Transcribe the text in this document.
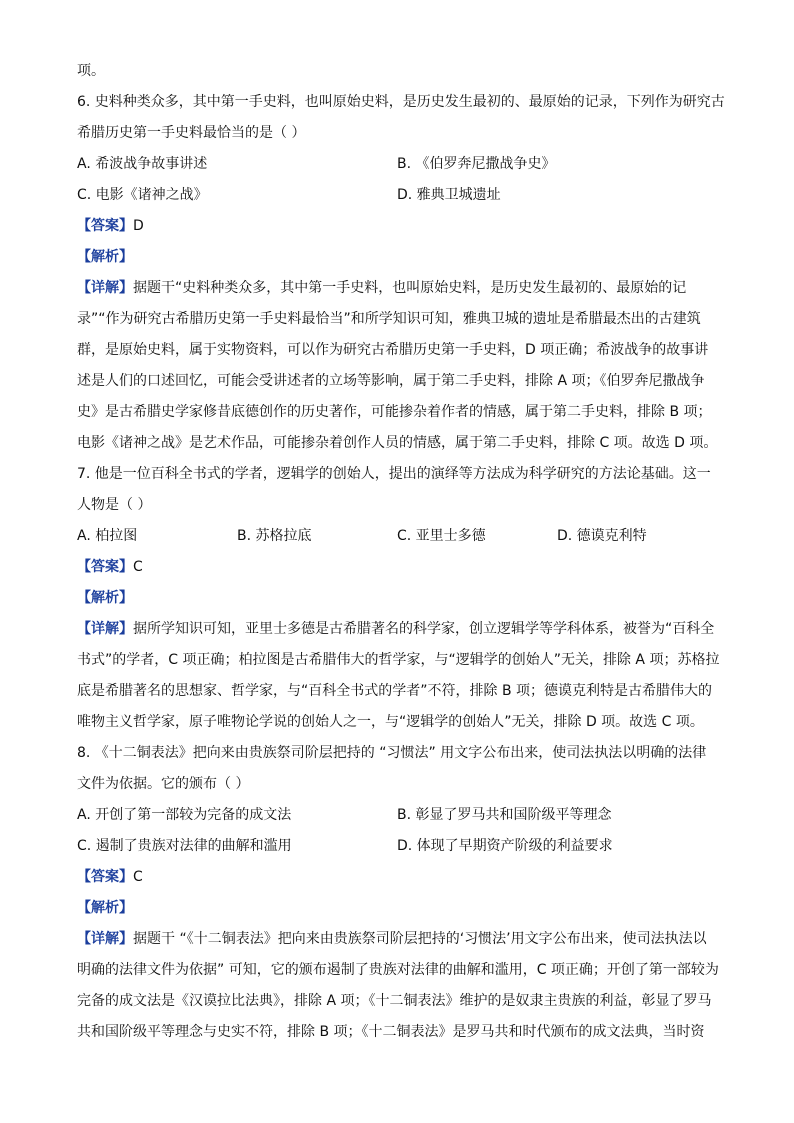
项。
6. 史料种类众多，其中第一手史料，也叫原始史料，是历史发生最初的、最原始的记录，下列作为研究古
希腊历史第一手史料最恰当的是（ ）
A. 希波战争故事讲述	B. 《伯罗奔尼撒战争史》
C. 电影《诸神之战》	D. 雅典卫城遗址
【答案】D
【解析】
【详解】据题干“史料种类众多，其中第一手史料，也叫原始史料，是历史发生最初的、最原始的记
录”“作为研究古希腊历史第一手史料最恰当”和所学知识可知，雅典卫城的遗址是希腊最杰出的古建筑
群，是原始史料，属于实物资料，可以作为研究古希腊历史第一手史料，D 项正确；希波战争的故事讲
述是人们的口述回忆，可能会受讲述者的立场等影响，属于第二手史料，排除 A 项；《伯罗奔尼撒战争
史》是古希腊史学家修昔底德创作的历史著作，可能掺杂着作者的情感，属于第二手史料，排除 B 项；
电影《诸神之战》是艺术作品，可能掺杂着创作人员的情感，属于第二手史料，排除 C 项。故选 D 项。
7. 他是一位百科全书式的学者，逻辑学的创始人，提出的演绎等方法成为科学研究的方法论基础。这一
人物是（ ）
A. 柏拉图	B. 苏格拉底	C. 亚里士多德	D. 德谟克利特
【答案】C
【解析】
【详解】据所学知识可知，亚里士多德是古希腊著名的科学家，创立逻辑学等学科体系，被誉为“百科全
书式”的学者，C 项正确；柏拉图是古希腊伟大的哲学家，与“逻辑学的创始人”无关，排除 A 项；苏格拉
底是希腊著名的思想家、哲学家，与“百科全书式的学者”不符，排除 B 项；德谟克利特是古希腊伟大的
唯物主义哲学家，原子唯物论学说的创始人之一，与“逻辑学的创始人”无关，排除 D 项。故选 C 项。
8. 《十二铜表法》把向来由贵族祭司阶层把持的 “习惯法” 用文字公布出来，使司法执法以明确的法律
文件为依据。它的颁布（ ）
A. 开创了第一部较为完备的成文法	B. 彰显了罗马共和国阶级平等理念
C. 遏制了贵族对法律的曲解和滥用	D. 体现了早期资产阶级的利益要求
【答案】C
【解析】
【详解】据题干 “《十二铜表法》把向来由贵族祭司阶层把持的‘习惯法’用文字公布出来，使司法执法以
明确的法律文件为依据” 可知，它的颁布遏制了贵族对法律的曲解和滥用，C 项正确；开创了第一部较为
完备的成文法是《汉谟拉比法典》，排除 A 项；《十二铜表法》维护的是奴隶主贵族的利益，彰显了罗马
共和国阶级平等理念与史实不符，排除 B 项；《十二铜表法》是罗马共和时代颁布的成文法典，当时资
